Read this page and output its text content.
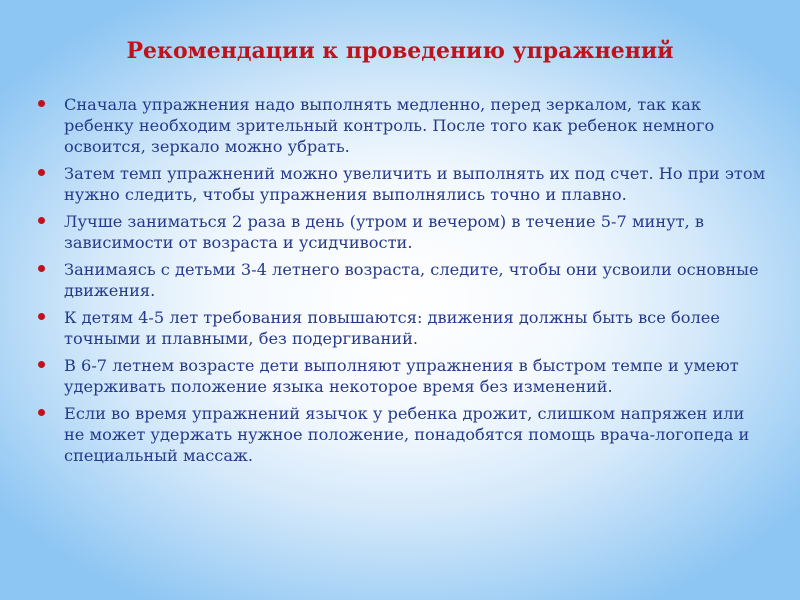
Рекомендации к проведению упражнений
Сначала упражнения надо выполнять медленно, перед зеркалом, так как ребенку необходим зрительный контроль. После того как ребенок немного освоится, зеркало можно убрать.
Затем темп упражнений можно увеличить и выполнять их под счет. Но при этом нужно следить, чтобы упражнения выполнялись точно и плавно.
Лучше заниматься 2 раза в день (утром и вечером) в течение 5-7 минут, в зависимости от возраста и усидчивости.
Занимаясь с детьми 3-4 летнего возраста, следите, чтобы они усвоили основные движения.
К детям 4-5 лет требования повышаются: движения должны быть все более точными и плавными, без подергиваний.
В 6-7 летнем возрасте дети выполняют упражнения в быстром темпе и умеют удерживать положение языка некоторое время без изменений.
Если во время упражнений язычок у ребенка дрожит, слишком напряжен или не может удержать нужное положение, понадобятся помощь врача-логопеда и специальный массаж.
